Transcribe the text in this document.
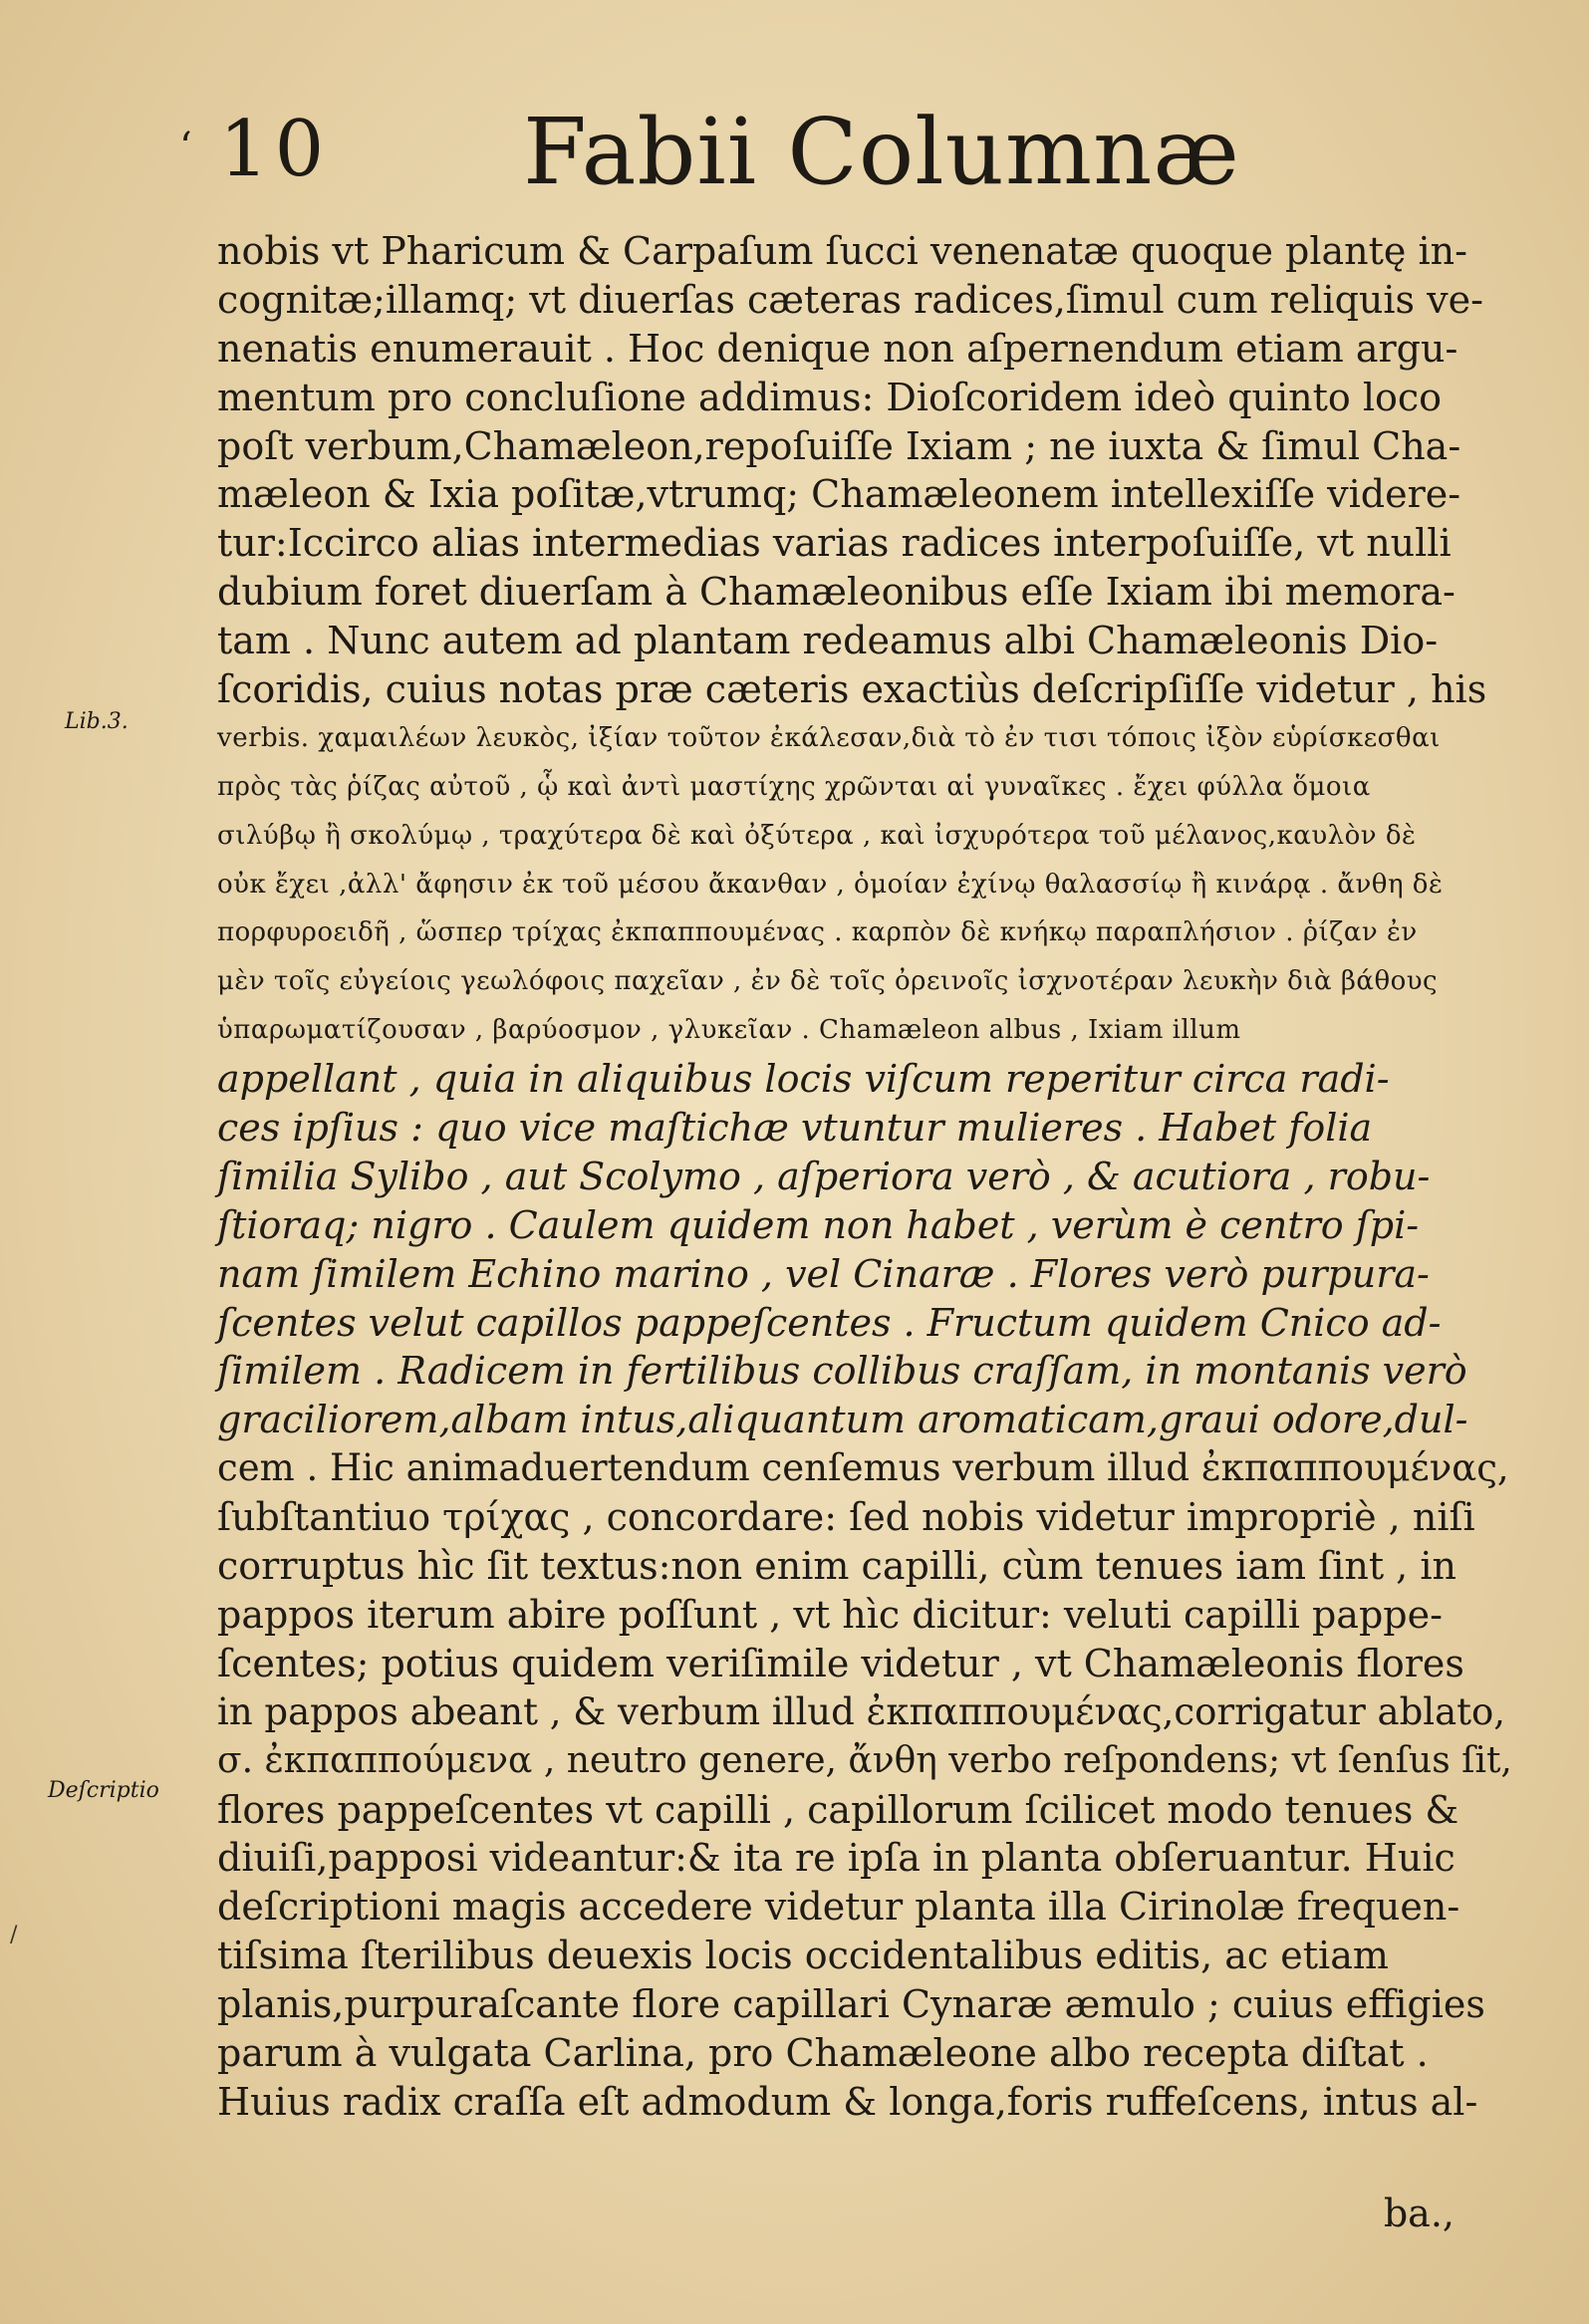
ʻ 10 Fabii Columnæ
Lib.3.
Deſcriptio
/
nobis vt Pharicum & Carpaſum ſucci venenatæ quoque plantę in-
cognitæ;illamq; vt diuerſas cæteras radices,ſimul cum reliquis ve-
nenatis enumerauit . Hoc denique non aſpernendum etiam argu-
mentum pro concluſione addimus: Dioſcoridem ideò quinto loco
poſt verbum,Chamæleon,repoſuiſſe Ixiam ; ne iuxta & ſimul Cha-
mæleon & Ixia poſitæ,vtrumq; Chamæleonem intellexiſſe videre-
tur:Iccirco alias intermedias varias radices interpoſuiſſe, vt nulli
dubium foret diuerſam à Chamæleonibus eſſe Ixiam ibi memora-
tam . Nunc autem ad plantam redeamus albi Chamæleonis Dio-
ſcoridis, cuius notas præ cæteris exactiùs deſcripſiſſe videtur , his
verbis. χαμαιλέων λευκὸς, ἰξίαν τοῦτον ἐκάλεσαν,διὰ τὸ ἐν τισι τόποις ἰξὸν εὑρίσκεσθαι
πρὸς τὰς ῥίζας αὐτοῦ , ᾧ καὶ ἀντὶ μαστίχης χρῶνται αἱ γυναῖκες . ἔχει φύλλα ὅμοια
σιλύβῳ ἢ σκολύμῳ , τραχύτερα δὲ καὶ ὀξύτερα , καὶ ἰσχυρότερα τοῦ μέλανος,καυλὸν δὲ
οὐκ ἔχει ,ἀλλ' ἄφησιν ἐκ τοῦ μέσου ἄκανθαν , ὁμοίαν ἐχίνῳ θαλασσίῳ ἢ κινάρᾳ . ἄνθη δὲ
πορφυροειδῆ , ὥσπερ τρίχας ἐκπαππουμένας . καρπὸν δὲ κνήκῳ παραπλήσιον . ῥίζαν ἐν
μὲν τοῖς εὐγείοις γεωλόφοις παχεῖαν , ἐν δὲ τοῖς ὀρεινοῖς ἰσχνοτέραν λευκὴν διὰ βάθους
ὑπαρωματίζουσαν , βαρύοσμον , γλυκεῖαν . Chamæleon albus , Ixiam illum
appellant , quia in aliquibus locis viſcum reperitur circa radi-
ces ipſius : quo vice maſtichæ vtuntur mulieres . Habet folia
ſimilia Sylibo , aut Scolymo , aſperiora verò , & acutiora , robu-
ſtioraq; nigro . Caulem quidem non habet , verùm è centro ſpi-
nam ſimilem Echino marino , vel Cinaræ . Flores verò purpura-
ſcentes velut capillos pappeſcentes . Fructum quidem Cnico ad-
ſimilem . Radicem in fertilibus collibus craſſam, in montanis verò
graciliorem,albam intus,aliquantum aromaticam,graui odore,dul-
cem . Hic animaduertendum cenſemus verbum illud ἐκπαππουμένας,
ſubſtantiuo τρίχας , concordare: ſed nobis videtur impropriè , niſi
corruptus hìc ſit textus:non enim capilli, cùm tenues iam ſint , in
pappos iterum abire poſſunt , vt hìc dicitur: veluti capilli pappe-
ſcentes; potius quidem veriſimile videtur , vt Chamæleonis flores
in pappos abeant , & verbum illud ἐκπαππουμένας,corrigatur ablato,
σ. ἐκπαππούμενα , neutro genere, ἄνθη verbo reſpondens; vt ſenſus ſit,
flores pappeſcentes vt capilli , capillorum ſcilicet modo tenues &
diuiſi,papposi videantur:& ita re ipſa in planta obſeruantur. Huic
deſcriptioni magis accedere videtur planta illa Cirinolæ frequen-
tiſsima ſterilibus deuexis locis occidentalibus editis, ac etiam
planis,purpuraſcante flore capillari Cynaræ æmulo ; cuius effigies
parum à vulgata Carlina, pro Chamæleone albo recepta diſtat .
Huius radix craſſa eſt admodum & longa,foris ruffeſcens, intus al-
ba.,
